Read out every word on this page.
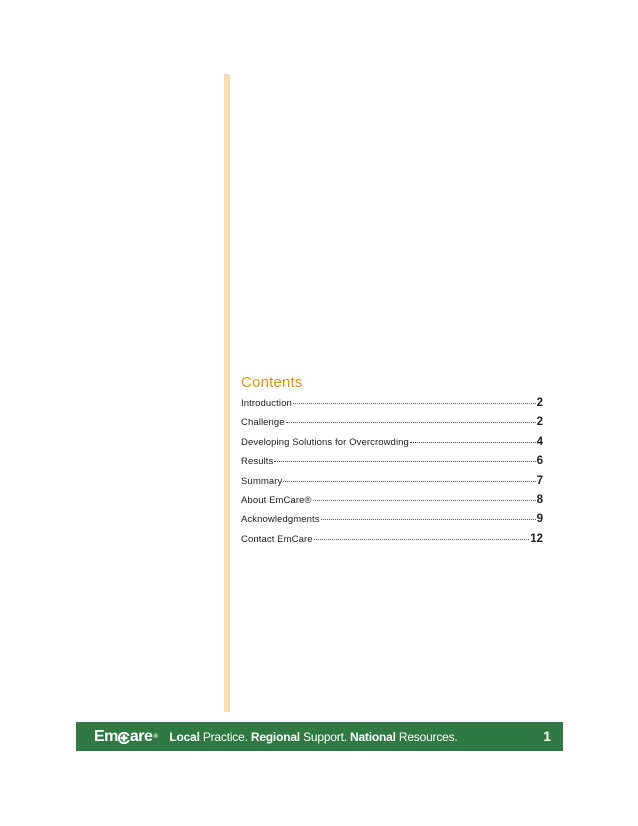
Contents
Introduction	2
Challenge	2
Developing Solutions for Overcrowding	4
Results	6
Summary	7
About EmCare®	8
Acknowledgments	9
Contact EmCare	12
Em are ® Local Practice. Regional Support. National Resources.	1
